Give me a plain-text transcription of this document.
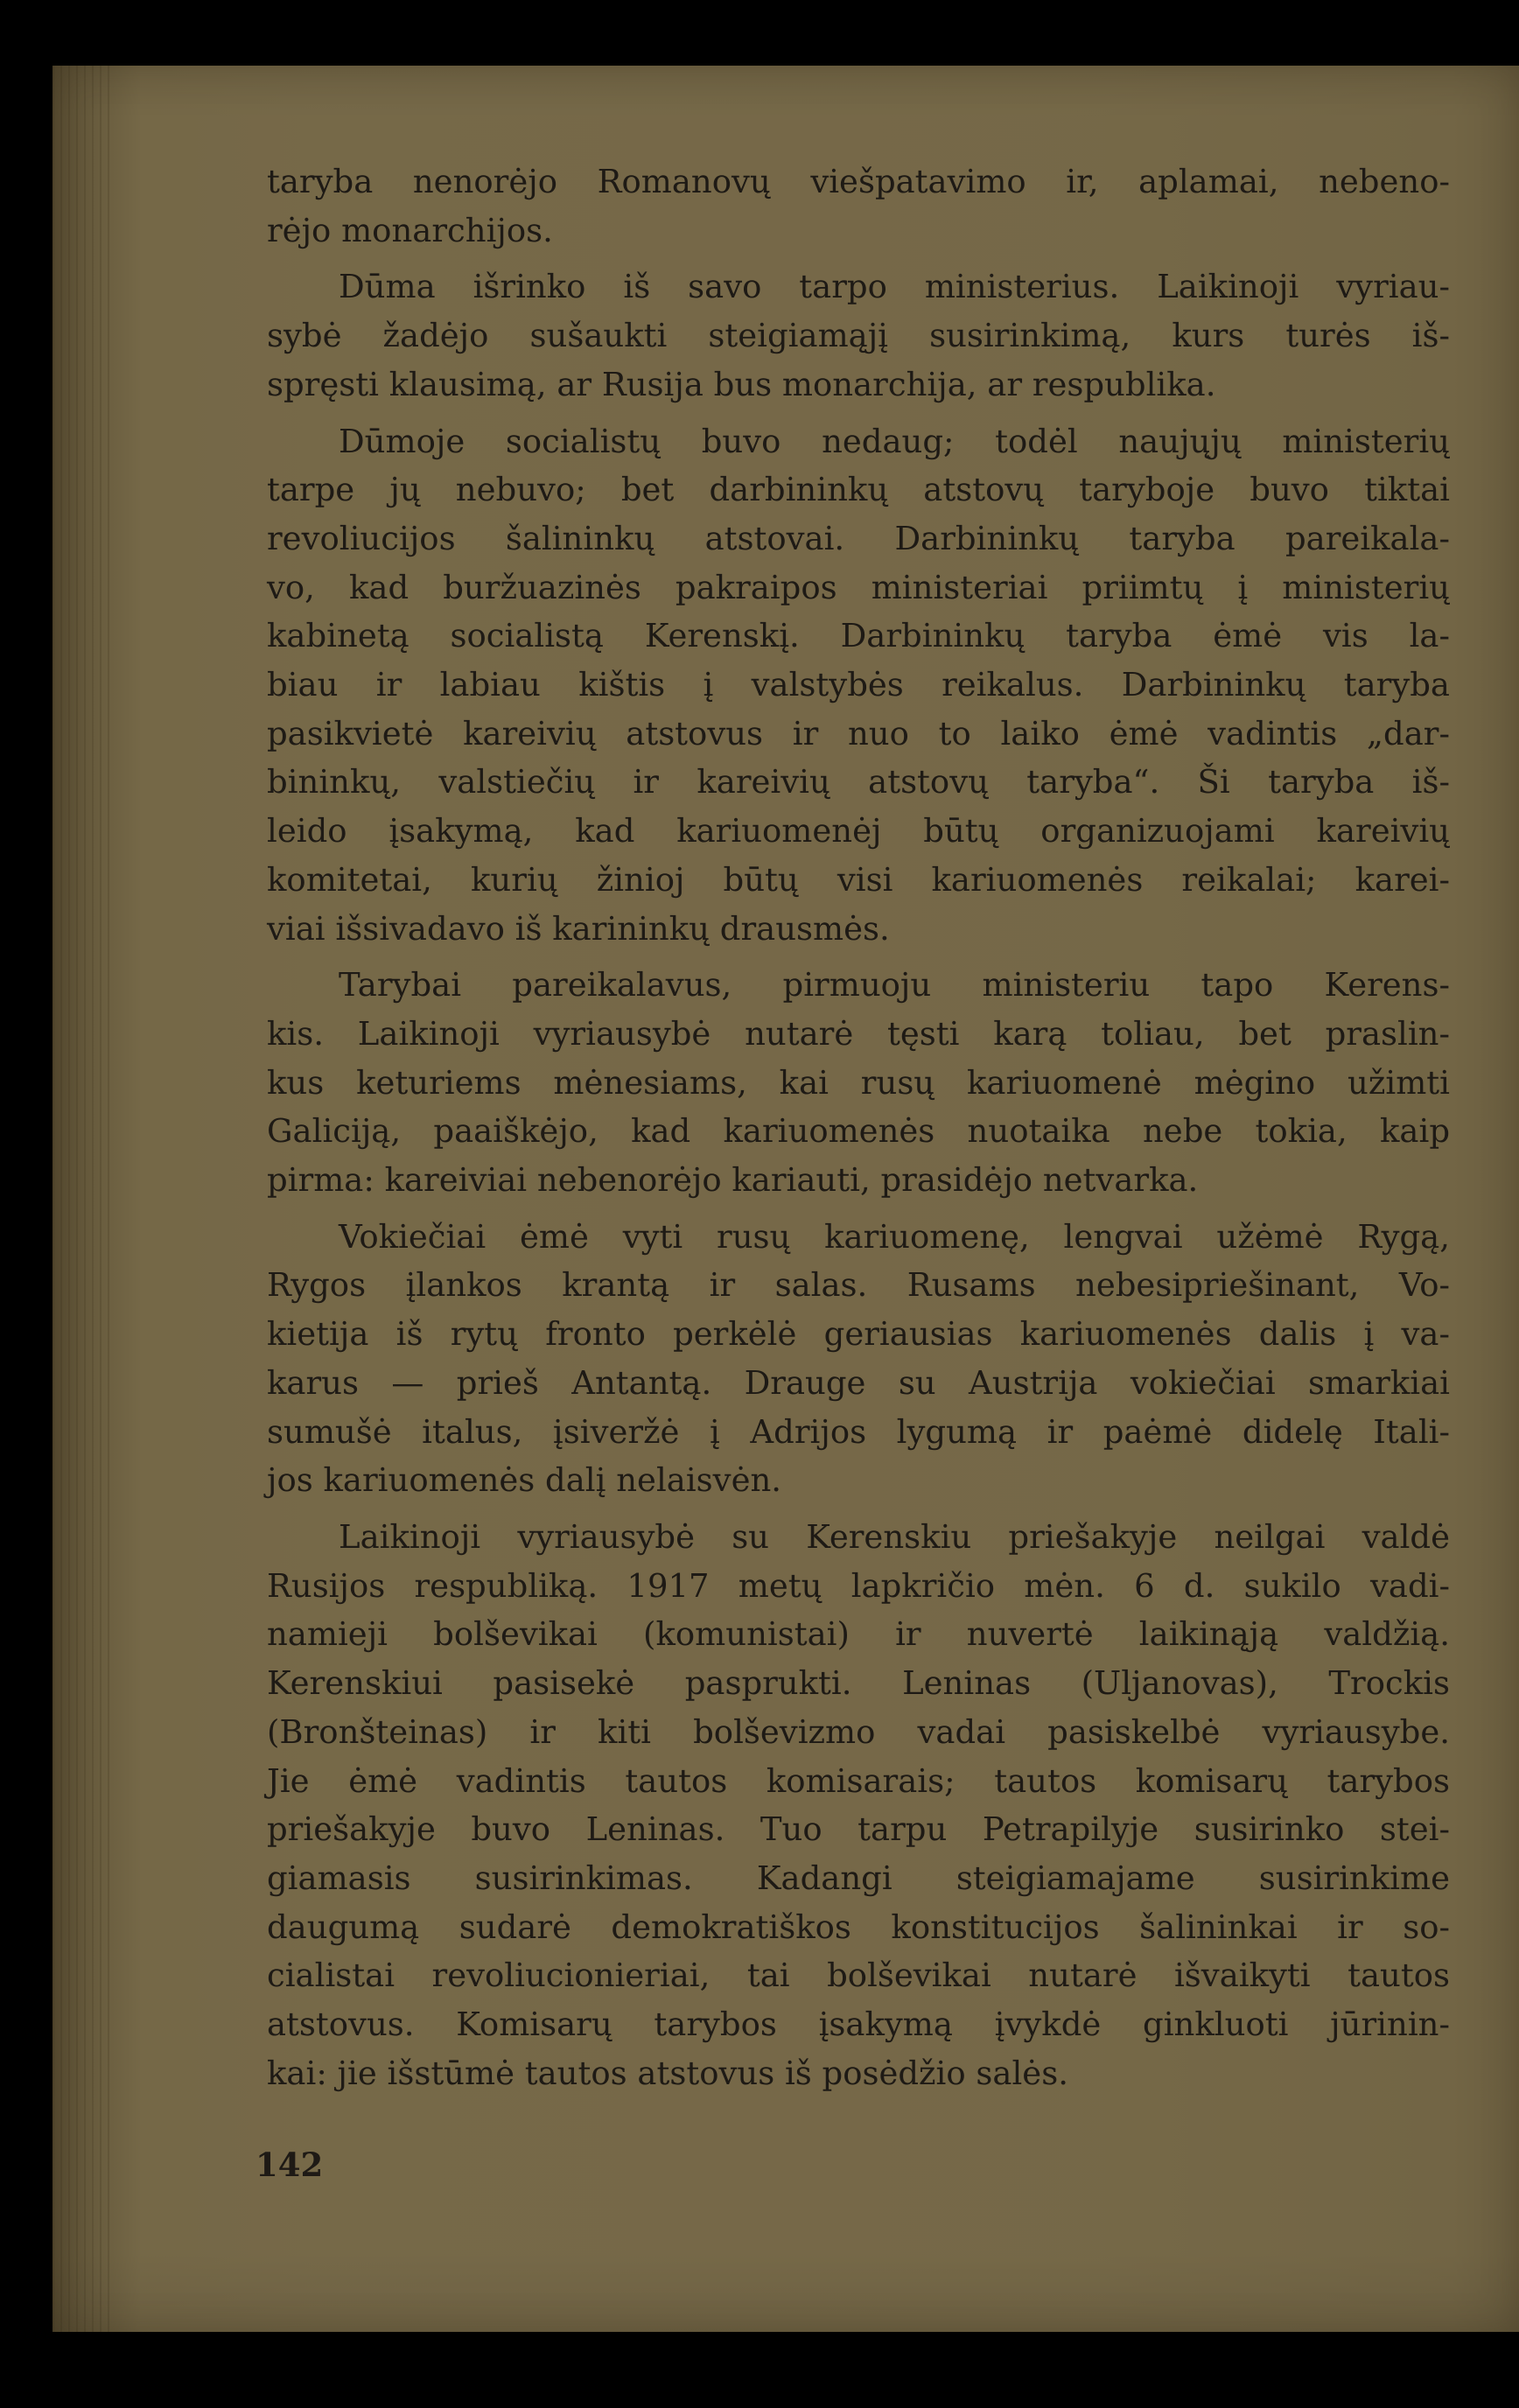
taryba nenorėjo Romanovų viešpatavimo ir, aplamai, nebeno-
rėjo monarchijos.
Dūma išrinko iš savo tarpo ministerius. Laikinoji vyriau-
sybė žadėjo sušaukti steigiamąjį susirinkimą, kurs turės iš-
spręsti klausimą, ar Rusija bus monarchija, ar respublika.
Dūmoje socialistų buvo nedaug; todėl naujųjų ministerių
tarpe jų nebuvo; bet darbininkų atstovų taryboje buvo tiktai
revoliucijos šalininkų atstovai. Darbininkų taryba pareikala-
vo, kad buržuazinės pakraipos ministeriai priimtų į ministerių
kabinetą socialistą Kerenskį. Darbininkų taryba ėmė vis la-
biau ir labiau kištis į valstybės reikalus. Darbininkų taryba
pasikvietė kareivių atstovus ir nuo to laiko ėmė vadintis „dar-
bininkų, valstiečių ir kareivių atstovų taryba“. Ši taryba iš-
leido įsakymą, kad kariuomenėj būtų organizuojami kareivių
komitetai, kurių žinioj būtų visi kariuomenės reikalai; karei-
viai išsivadavo iš karininkų drausmės.
Tarybai pareikalavus, pirmuoju ministeriu tapo Kerens-
kis. Laikinoji vyriausybė nutarė tęsti karą toliau, bet praslin-
kus keturiems mėnesiams, kai rusų kariuomenė mėgino užimti
Galiciją, paaiškėjo, kad kariuomenės nuotaika nebe tokia, kaip
pirma: kareiviai nebenorėjo kariauti, prasidėjo netvarka.
Vokiečiai ėmė vyti rusų kariuomenę, lengvai užėmė Rygą,
Rygos įlankos krantą ir salas. Rusams nebesipriešinant, Vo-
kietija iš rytų fronto perkėlė geriausias kariuomenės dalis į va-
karus — prieš Antantą. Drauge su Austrija vokiečiai smarkiai
sumušė italus, įsiveržė į Adrijos lygumą ir paėmė didelę Itali-
jos kariuomenės dalį nelaisvėn.
Laikinoji vyriausybė su Kerenskiu priešakyje neilgai valdė
Rusijos respubliką. 1917 metų lapkričio mėn. 6 d. sukilo vadi-
namieji bolševikai (komunistai) ir nuvertė laikinąją valdžią.
Kerenskiui pasisekė pasprukti. Leninas (Uljanovas), Trockis
(Bronšteinas) ir kiti bolševizmo vadai pasiskelbė vyriausybe.
Jie ėmė vadintis tautos komisarais; tautos komisarų tarybos
priešakyje buvo Leninas. Tuo tarpu Petrapilyje susirinko stei-
giamasis susirinkimas. Kadangi steigiamajame susirinkime
daugumą sudarė demokratiškos konstitucijos šalininkai ir so-
cialistai revoliucionieriai, tai bolševikai nutarė išvaikyti tautos
atstovus. Komisarų tarybos įsakymą įvykdė ginkluoti jūrinin-
kai: jie išstūmė tautos atstovus iš posėdžio salės.
142
